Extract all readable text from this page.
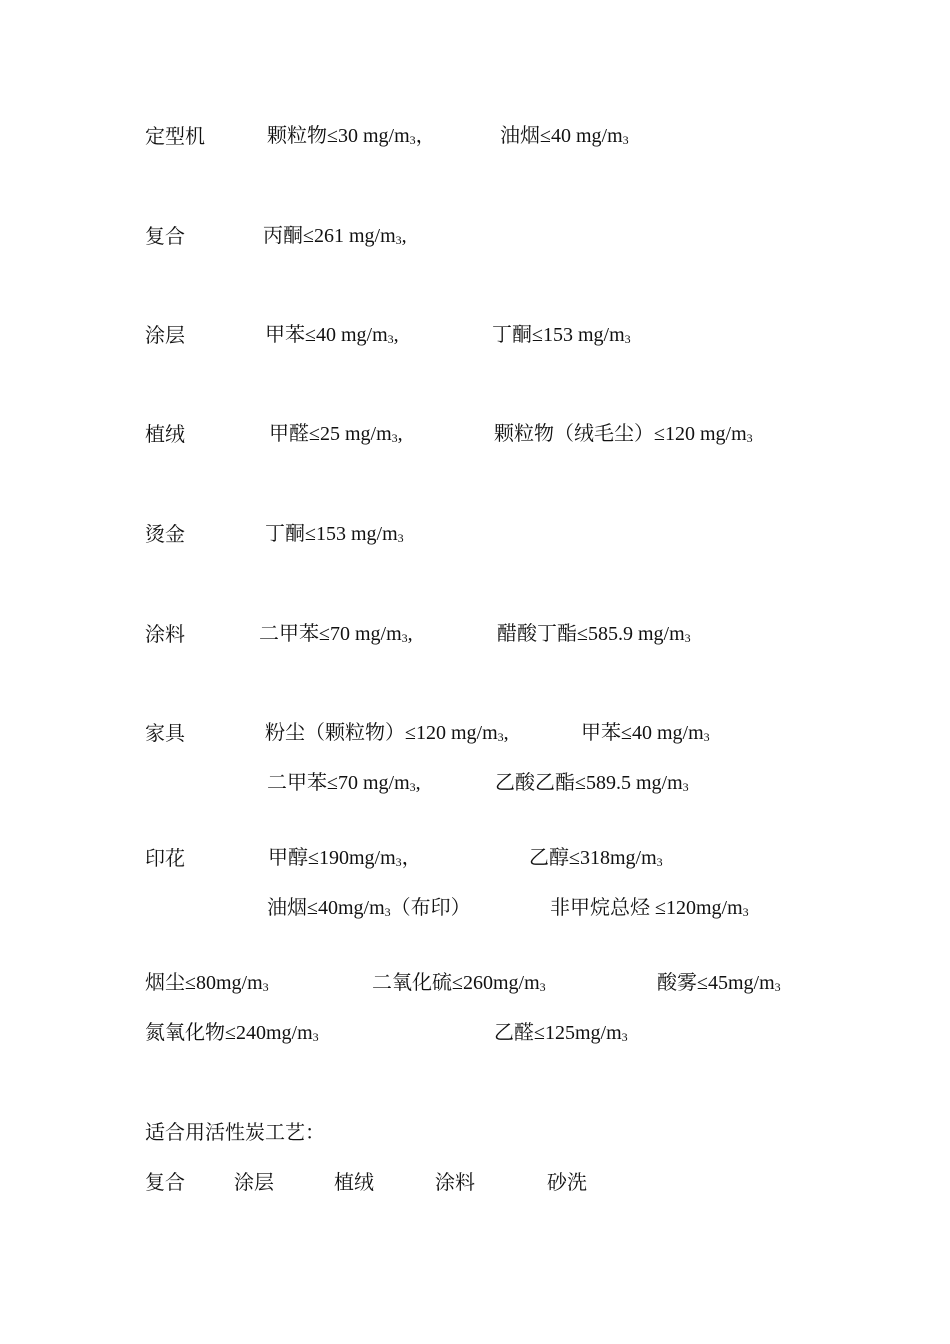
定型机	颗粒物≤30 $mg/m^3$，	油烟≤40 $mg/m^3$
复合	丙酮≤261 $mg/m^3$,
涂层	甲苯≤40 $mg/m^3$,	丁酮≤153 $mg/m^3$
植绒	甲醛≤25 $mg/m^3$,	颗粒物（绒毛尘）≤120 $mg/m^3$
烫金	丁酮≤153 $mg/m^3$
涂料	二甲苯≤70 $mg/m^3$,	醋酸丁酯≤585.9 $mg/m^3$
家具	粉尘（颗粒物）≤120 $mg/m^3$,	甲苯≤40 $mg/m^3$
二甲苯≤70 $mg/m^3$,	乙酸乙酯≤589.5 $mg/m^3$
印花	甲醇$\le 190mg/m^3$，	乙醇$\le 318mg/m^3$
油烟$\le 40mg/m^3$（布印）	非甲烷总烃 $\le 120mg/m^3$
烟尘$\le 80mg/m^3$	二氧化硫$\le 260mg/m^3$	酸雾$\le 45mg/m^3$
氮氧化物$\le 240mg/m^3$	乙醛$\le 125mg/m^3$
适合用活性炭工艺：
复合 涂层	植绒	涂料	砂洗
